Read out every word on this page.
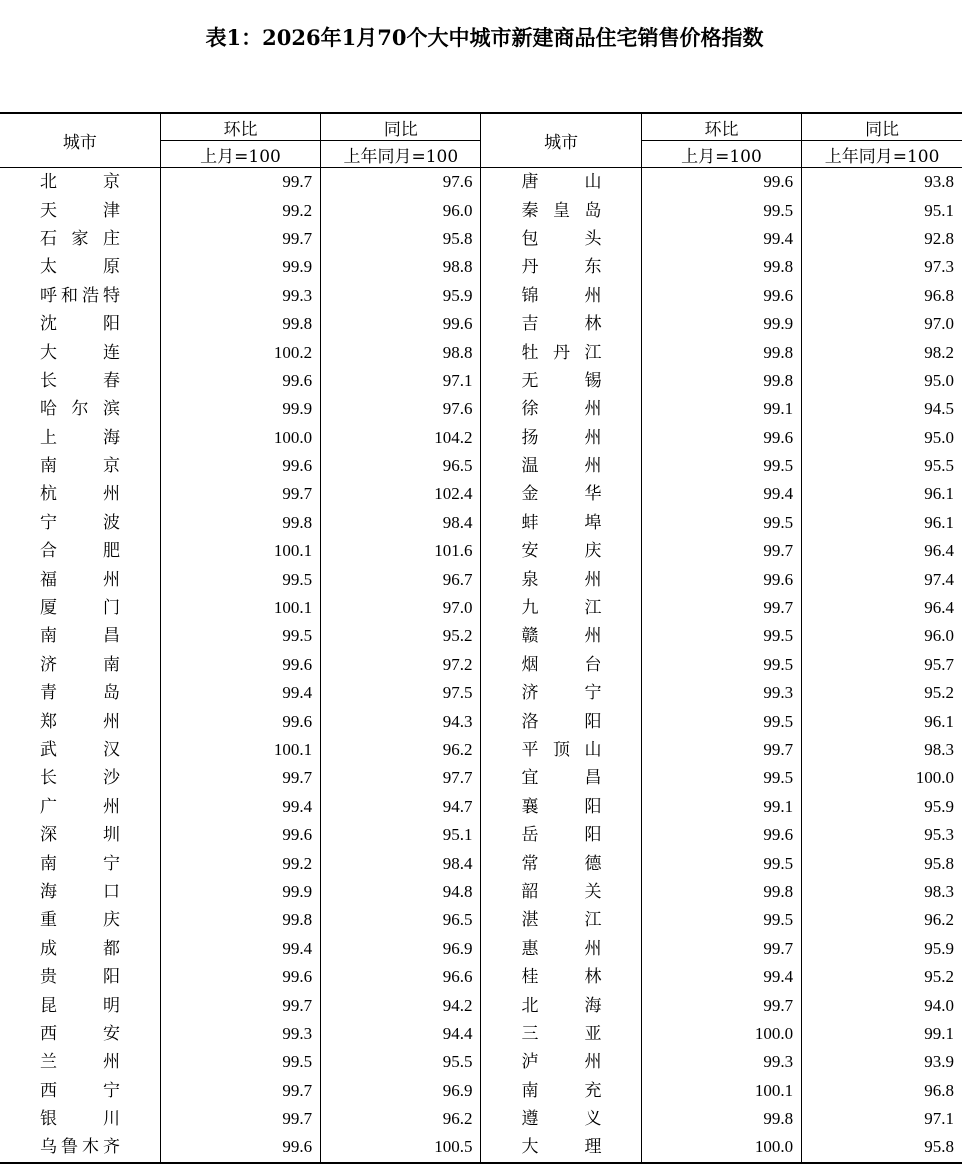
表1：2026年1月70个大中城市新建商品住宅销售价格指数
城市	环比	同比	城市	环比	同比
	上月=100	上年同月=100		上月=100	上年同月=100
北京	99.7	97.6	唐山	99.6	93.8
天津	99.2	96.0	秦皇岛	99.5	95.1
石家庄	99.7	95.8	包头	99.4	92.8
太原	99.9	98.8	丹东	99.8	97.3
呼和浩特	99.3	95.9	锦州	99.6	96.8
沈阳	99.8	99.6	吉林	99.9	97.0
大连	100.2	98.8	牡丹江	99.8	98.2
长春	99.6	97.1	无锡	99.8	95.0
哈尔滨	99.9	97.6	徐州	99.1	94.5
上海	100.0	104.2	扬州	99.6	95.0
南京	99.6	96.5	温州	99.5	95.5
杭州	99.7	102.4	金华	99.4	96.1
宁波	99.8	98.4	蚌埠	99.5	96.1
合肥	100.1	101.6	安庆	99.7	96.4
福州	99.5	96.7	泉州	99.6	97.4
厦门	100.1	97.0	九江	99.7	96.4
南昌	99.5	95.2	赣州	99.5	96.0
济南	99.6	97.2	烟台	99.5	95.7
青岛	99.4	97.5	济宁	99.3	95.2
郑州	99.6	94.3	洛阳	99.5	96.1
武汉	100.1	96.2	平顶山	99.7	98.3
长沙	99.7	97.7	宜昌	99.5	100.0
广州	99.4	94.7	襄阳	99.1	95.9
深圳	99.6	95.1	岳阳	99.6	95.3
南宁	99.2	98.4	常德	99.5	95.8
海口	99.9	94.8	韶关	99.8	98.3
重庆	99.8	96.5	湛江	99.5	96.2
成都	99.4	96.9	惠州	99.7	95.9
贵阳	99.6	96.6	桂林	99.4	95.2
昆明	99.7	94.2	北海	99.7	94.0
西安	99.3	94.4	三亚	100.0	99.1
兰州	99.5	95.5	泸州	99.3	93.9
西宁	99.7	96.9	南充	100.1	96.8
银川	99.7	96.2	遵义	99.8	97.1
乌鲁木齐	99.6	100.5	大理	100.0	95.8
